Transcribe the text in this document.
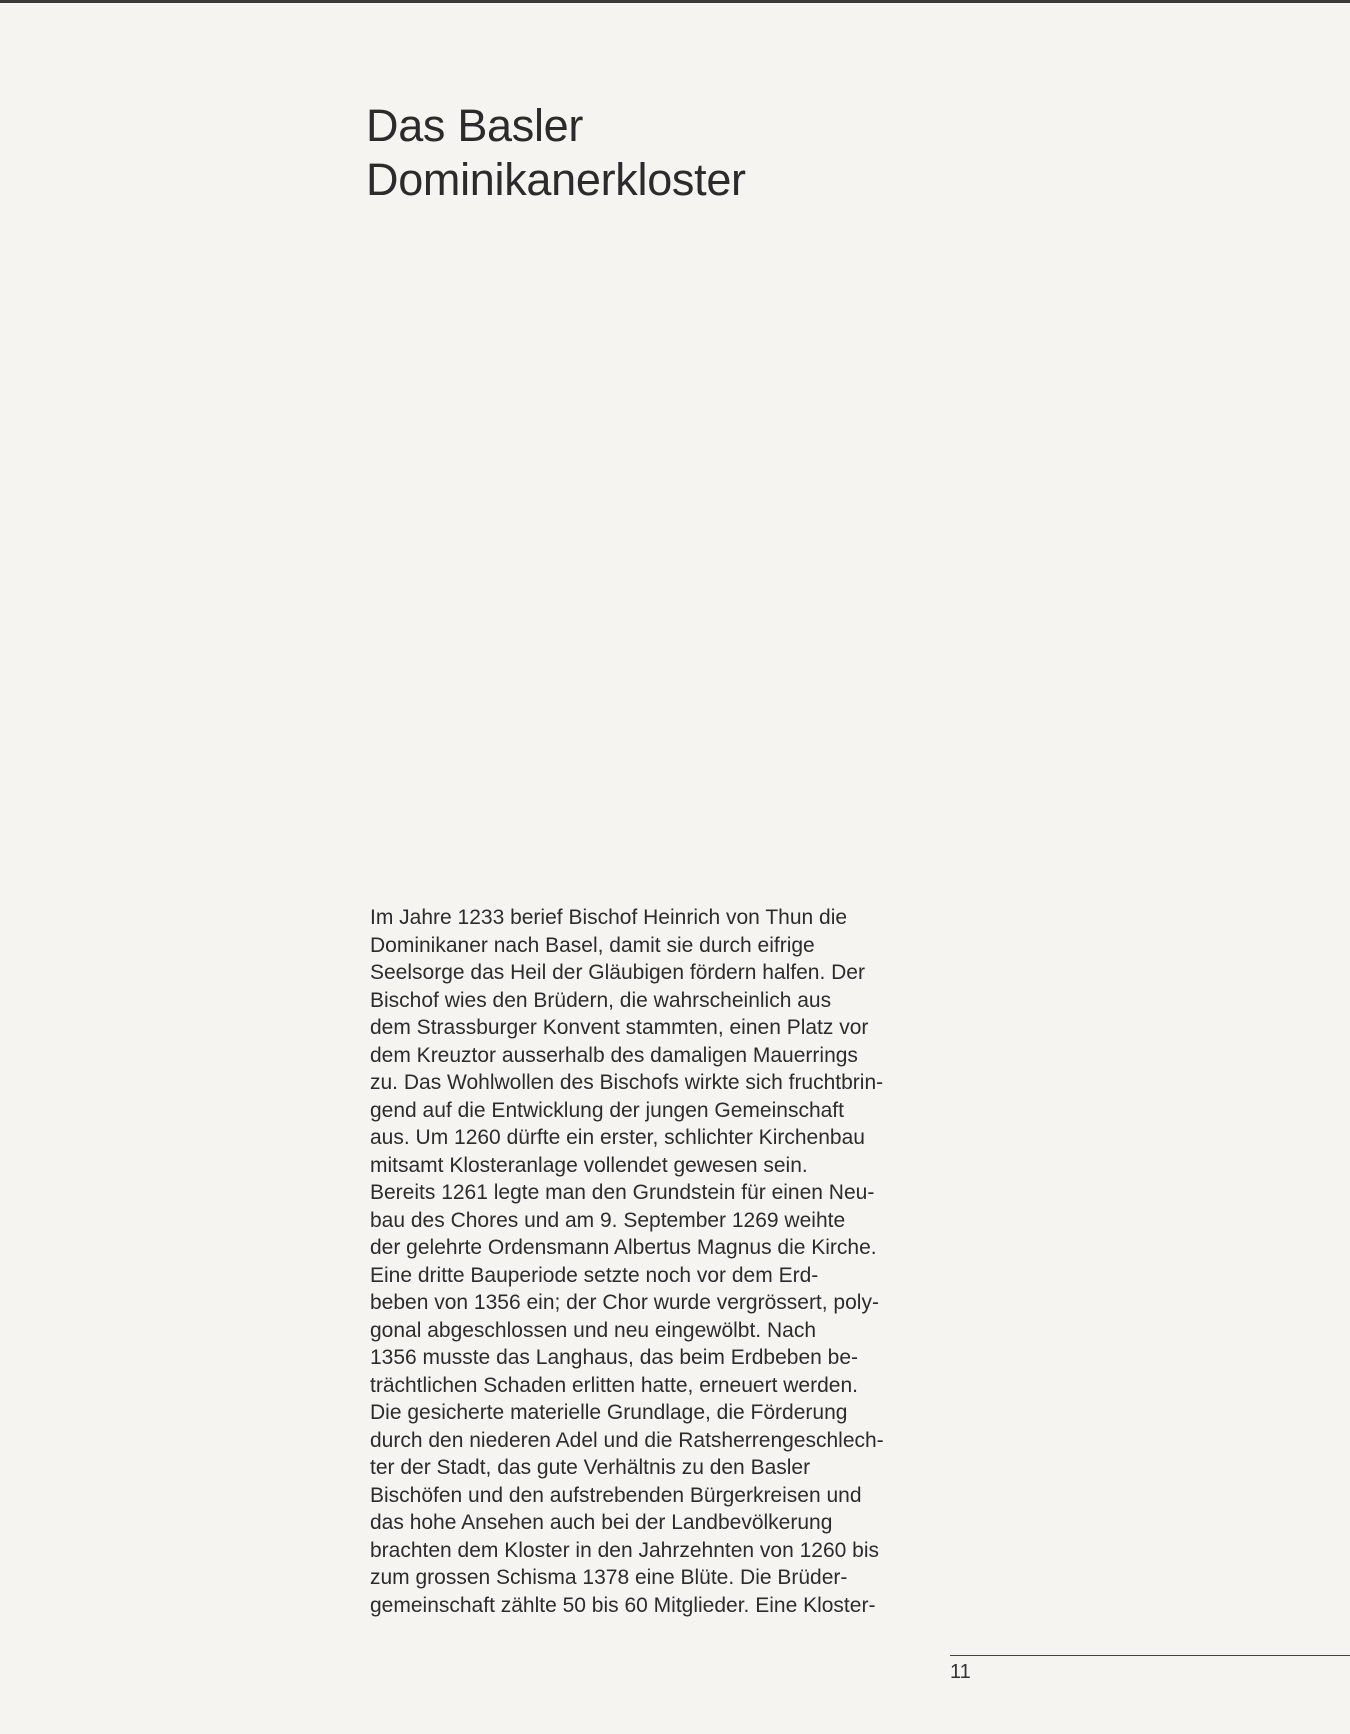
Das Basler
Dominikanerkloster
Im Jahre 1233 berief Bischof Heinrich von Thun die
Dominikaner nach Basel, damit sie durch eifrige
Seelsorge das Heil der Gläubigen fördern halfen. Der
Bischof wies den Brüdern, die wahrscheinlich aus
dem Strassburger Konvent stammten, einen Platz vor
dem Kreuztor ausserhalb des damaligen Mauerrings
zu. Das Wohlwollen des Bischofs wirkte sich fruchtbrin-
gend auf die Entwicklung der jungen Gemeinschaft
aus. Um 1260 dürfte ein erster, schlichter Kirchenbau
mitsamt Klosteranlage vollendet gewesen sein.
Bereits 1261 legte man den Grundstein für einen Neu-
bau des Chores und am 9. September 1269 weihte
der gelehrte Ordensmann Albertus Magnus die Kirche.
Eine dritte Bauperiode setzte noch vor dem Erd-
beben von 1356 ein; der Chor wurde vergrössert, poly-
gonal abgeschlossen und neu eingewölbt. Nach
1356 musste das Langhaus, das beim Erdbeben be-
trächtlichen Schaden erlitten hatte, erneuert werden.
Die gesicherte materielle Grundlage, die Förderung
durch den niederen Adel und die Ratsherrengeschlech-
ter der Stadt, das gute Verhältnis zu den Basler
Bischöfen und den aufstrebenden Bürgerkreisen und
das hohe Ansehen auch bei der Landbevölkerung
brachten dem Kloster in den Jahrzehnten von 1260 bis
zum grossen Schisma 1378 eine Blüte. Die Brüder-
gemeinschaft zählte 50 bis 60 Mitglieder. Eine Kloster-
11
